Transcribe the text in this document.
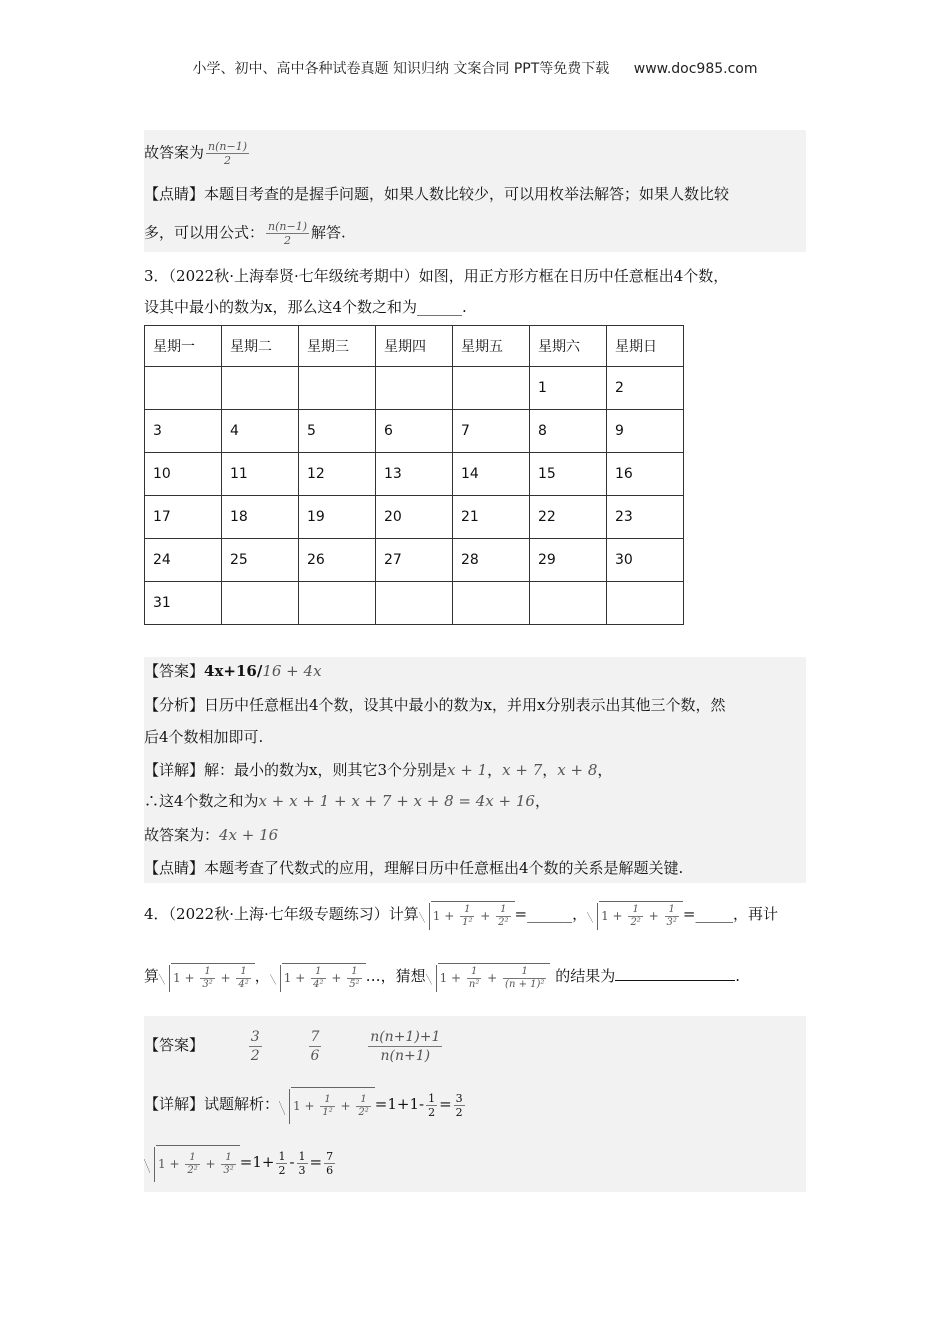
小学、初中、高中各种试卷真题 知识归纳 文案合同 PPT等免费下载 www.doc985.com
故答案为 $\frac{n(n-1)}{2}$
【点睛】本题目考查的是握手问题，如果人数比较少，可以用枚举法解答；如果人数比较
多，可以用公式： $\frac{n(n-1)}{2}$ 解答.
3．（2022秋·上海奉贤·七年级统考期中）如图，用正方形方框在日历中任意框出4个数，
设其中最小的数为x，那么这4个数之和为______.
星期一	星期二	星期三	星期四	星期五	星期六	星期日
					1	2
3	4	5	6	7	8	9
10	11	12	13	14	15	16
17	18	19	20	21	22	23
24	25	26	27	28	29	30
31						
【答案】4x+16/16 + 4x
【分析】日历中任意框出4个数，设其中最小的数为x，并用x分别表示出其他三个数，然
后4个数相加即可.
【详解】解：最小的数为x，则其它3个分别是x + 1，x + 7，x + 8，
∴这4个数之和为x + x + 1 + x + 7 + x + 8 = 4x + 16，
故答案为：4x + 16
【点睛】本题考查了代数式的应用，理解日历中任意框出4个数的关系是解题关键.
4．（2022秋·上海·七年级专题练习）计算 $1 + \frac{1}{\text{1²}} + \frac{1}{\text{2²}}$ =______， $1 + \frac{1}{\text{2²}} + \frac{1}{\text{3²}}$ =_____，再计
算 $1 + \frac{1}{\text{3²}} + \frac{1}{\text{4²}}$ ， $1 + \frac{1}{\text{4²}} + \frac{1}{\text{5²}}$ …，猜想 $1 + \frac{1}{\text{n²}} + \frac{1}{\text{(n + 1)²}}$ 的结果为	.
【答案】	$\frac{3}{2}$
	$\frac{7}{6}$
	$\frac{n(n+1)+1}{n(n+1)}$
【详解】试题解析： $1 + \frac{1}{\text{1²}} + \frac{1}{\text{2²}} =1+1- \frac{1}{2} = \frac{3}{2}$
$1 + \frac{1}{\text{2²}} + \frac{1}{\text{3²}} =1+ \frac{1}{2} - \frac{1}{3} = \frac{7}{6}$
